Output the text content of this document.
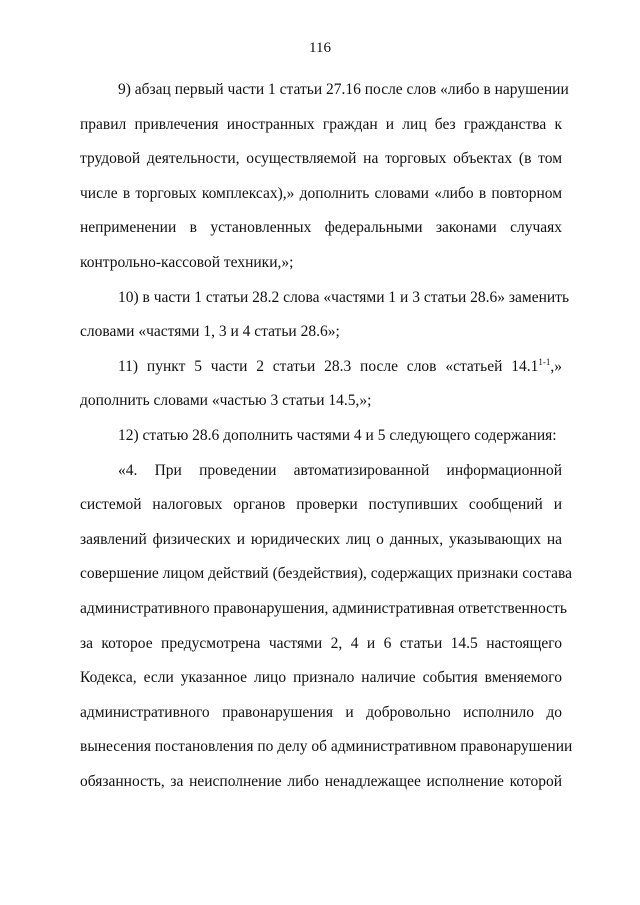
116
9) абзац первый части 1 статьи 27.16 после слов «либо в нарушении
правил привлечения иностранных граждан и лиц без гражданства к
трудовой деятельности, осуществляемой на торговых объектах (в том
числе в торговых комплексах),» дополнить словами «либо в повторном
неприменении в установленных федеральными законами случаях
контрольно-кассовой техники,»;
10) в части 1 статьи 28.2 слова «частями 1 и 3 статьи 28.6» заменить
словами «частями 1, 3 и 4 статьи 28.6»;
11) пункт 5 части 2 статьи 28.3 после слов «статьей 14.1$^{1-1}$,»
дополнить словами «частью 3 статьи 14.5,»;
12) статью 28.6 дополнить частями 4 и 5 следующего содержания:
«4. При проведении автоматизированной информационной
системой налоговых органов проверки поступивших сообщений и
заявлений физических и юридических лиц о данных, указывающих на
совершение лицом действий (бездействия), содержащих признаки состава
административного правонарушения, административная ответственность
за которое предусмотрена частями 2, 4 и 6 статьи 14.5 настоящего
Кодекса, если указанное лицо признало наличие события вменяемого
административного правонарушения и добровольно исполнило до
вынесения постановления по делу об административном правонарушении
обязанность, за неисполнение либо ненадлежащее исполнение которой
